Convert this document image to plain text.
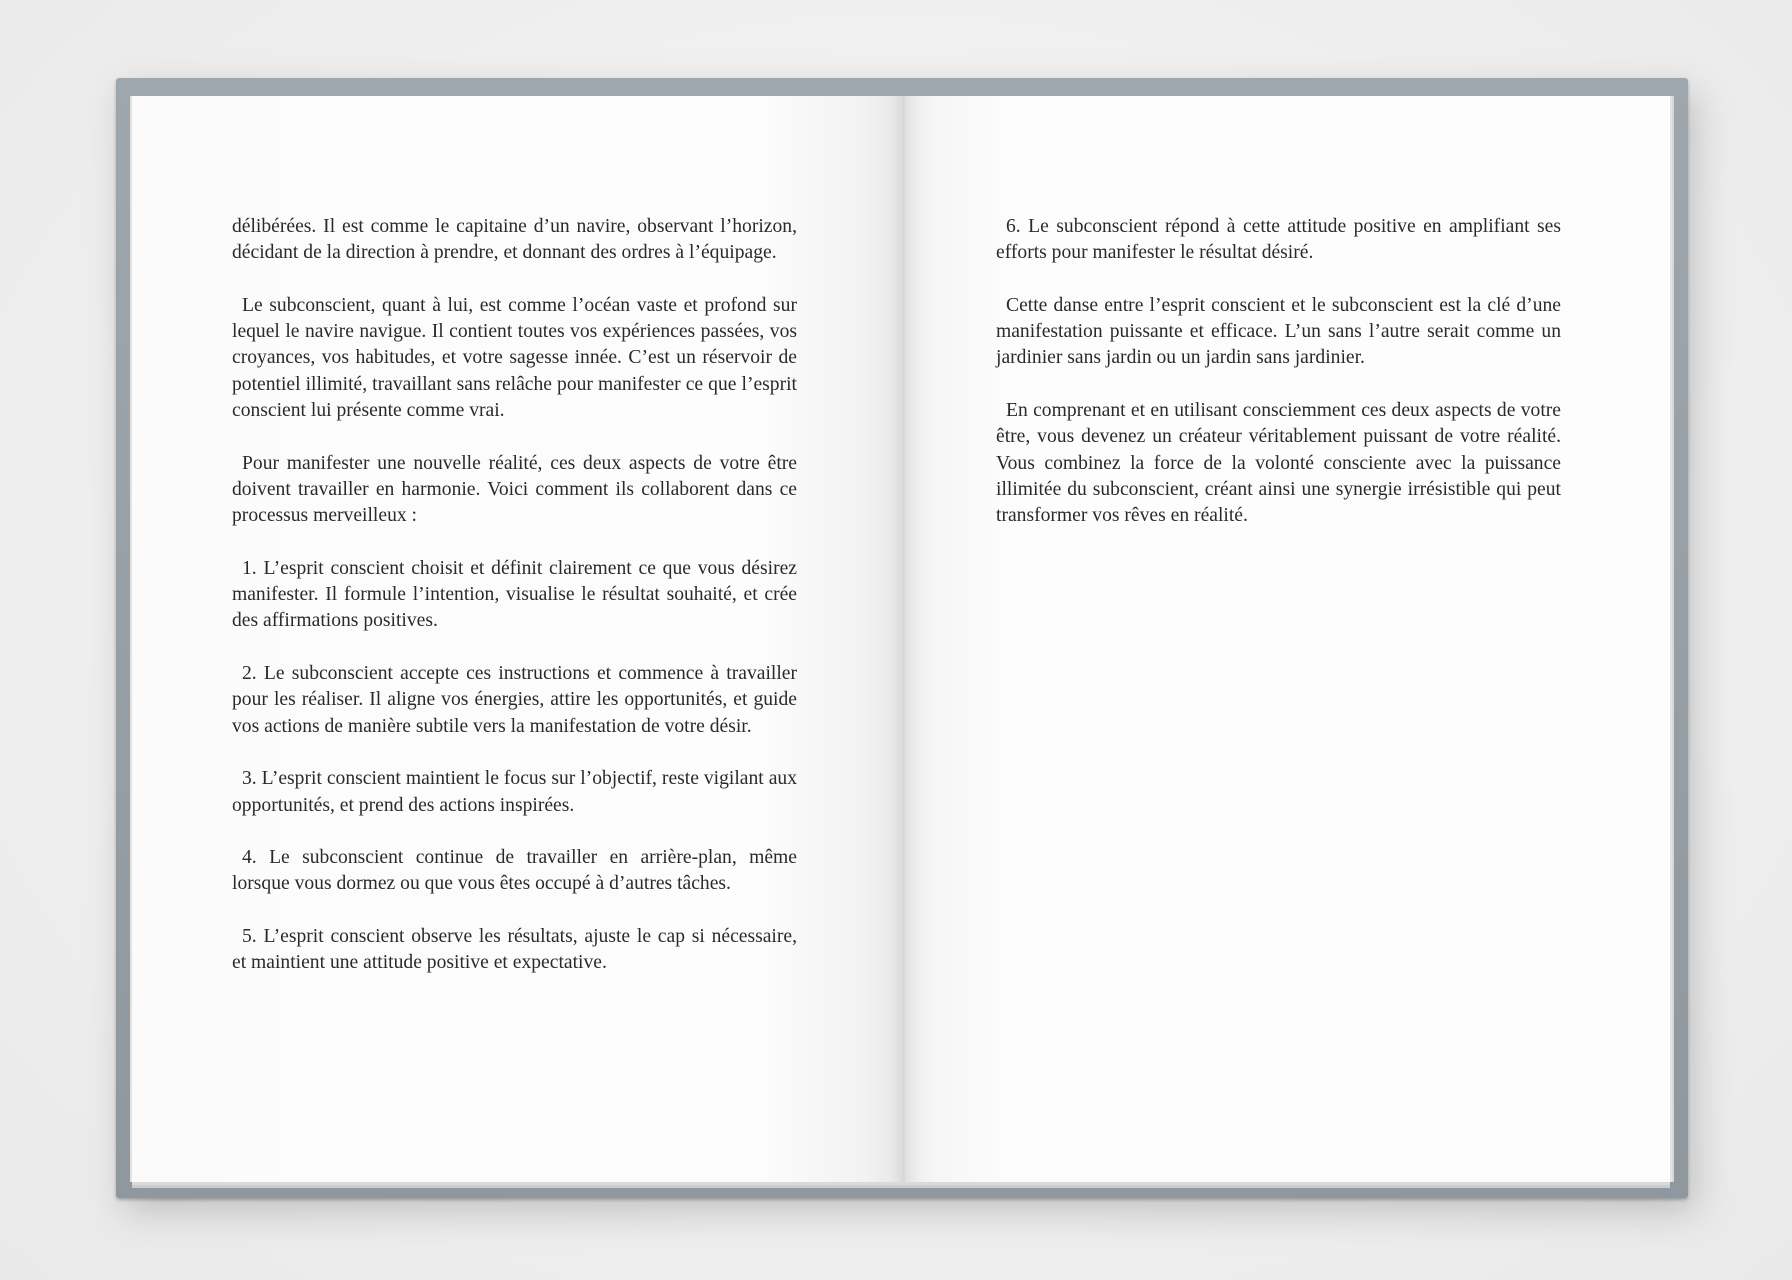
délibérées. Il est comme le capitaine d’un navire, observant l’horizon, décidant de la direction à prendre, et donnant des ordres à l’équipage.

Le subconscient, quant à lui, est comme l’océan vaste et profond sur lequel le navire navigue. Il contient toutes vos expériences passées, vos croyances, vos habitudes, et votre sagesse innée. C’est un réservoir de potentiel illimité, travaillant sans relâche pour manifester ce que l’esprit conscient lui présente comme vrai.

Pour manifester une nouvelle réalité, ces deux aspects de votre être doivent travailler en harmonie. Voici comment ils collaborent dans ce processus merveilleux :

1. L’esprit conscient choisit et définit clairement ce que vous désirez manifester. Il formule l’intention, visualise le résultat souhaité, et crée des affirmations positives.

2. Le subconscient accepte ces instructions et commence à travailler pour les réaliser. Il aligne vos énergies, attire les opportunités, et guide vos actions de manière subtile vers la manifestation de votre désir.

3. L’esprit conscient maintient le focus sur l’objectif, reste vigilant aux opportunités, et prend des actions inspirées.

4. Le subconscient continue de travailler en arrière-plan, même lorsque vous dormez ou que vous êtes occupé à d’autres tâches.

5. L’esprit conscient observe les résultats, ajuste le cap si nécessaire, et maintient une attitude positive et expectative.

6. Le subconscient répond à cette attitude positive en amplifiant ses efforts pour manifester le résultat désiré.

Cette danse entre l’esprit conscient et le subconscient est la clé d’une manifestation puissante et efficace. L’un sans l’autre serait comme un jardinier sans jardin ou un jardin sans jardinier.

En comprenant et en utilisant consciemment ces deux aspects de votre être, vous devenez un créateur véritablement puissant de votre réalité. Vous combinez la force de la volonté consciente avec la puissance illimitée du subconscient, créant ainsi une synergie irrésistible qui peut transformer vos rêves en réalité.
